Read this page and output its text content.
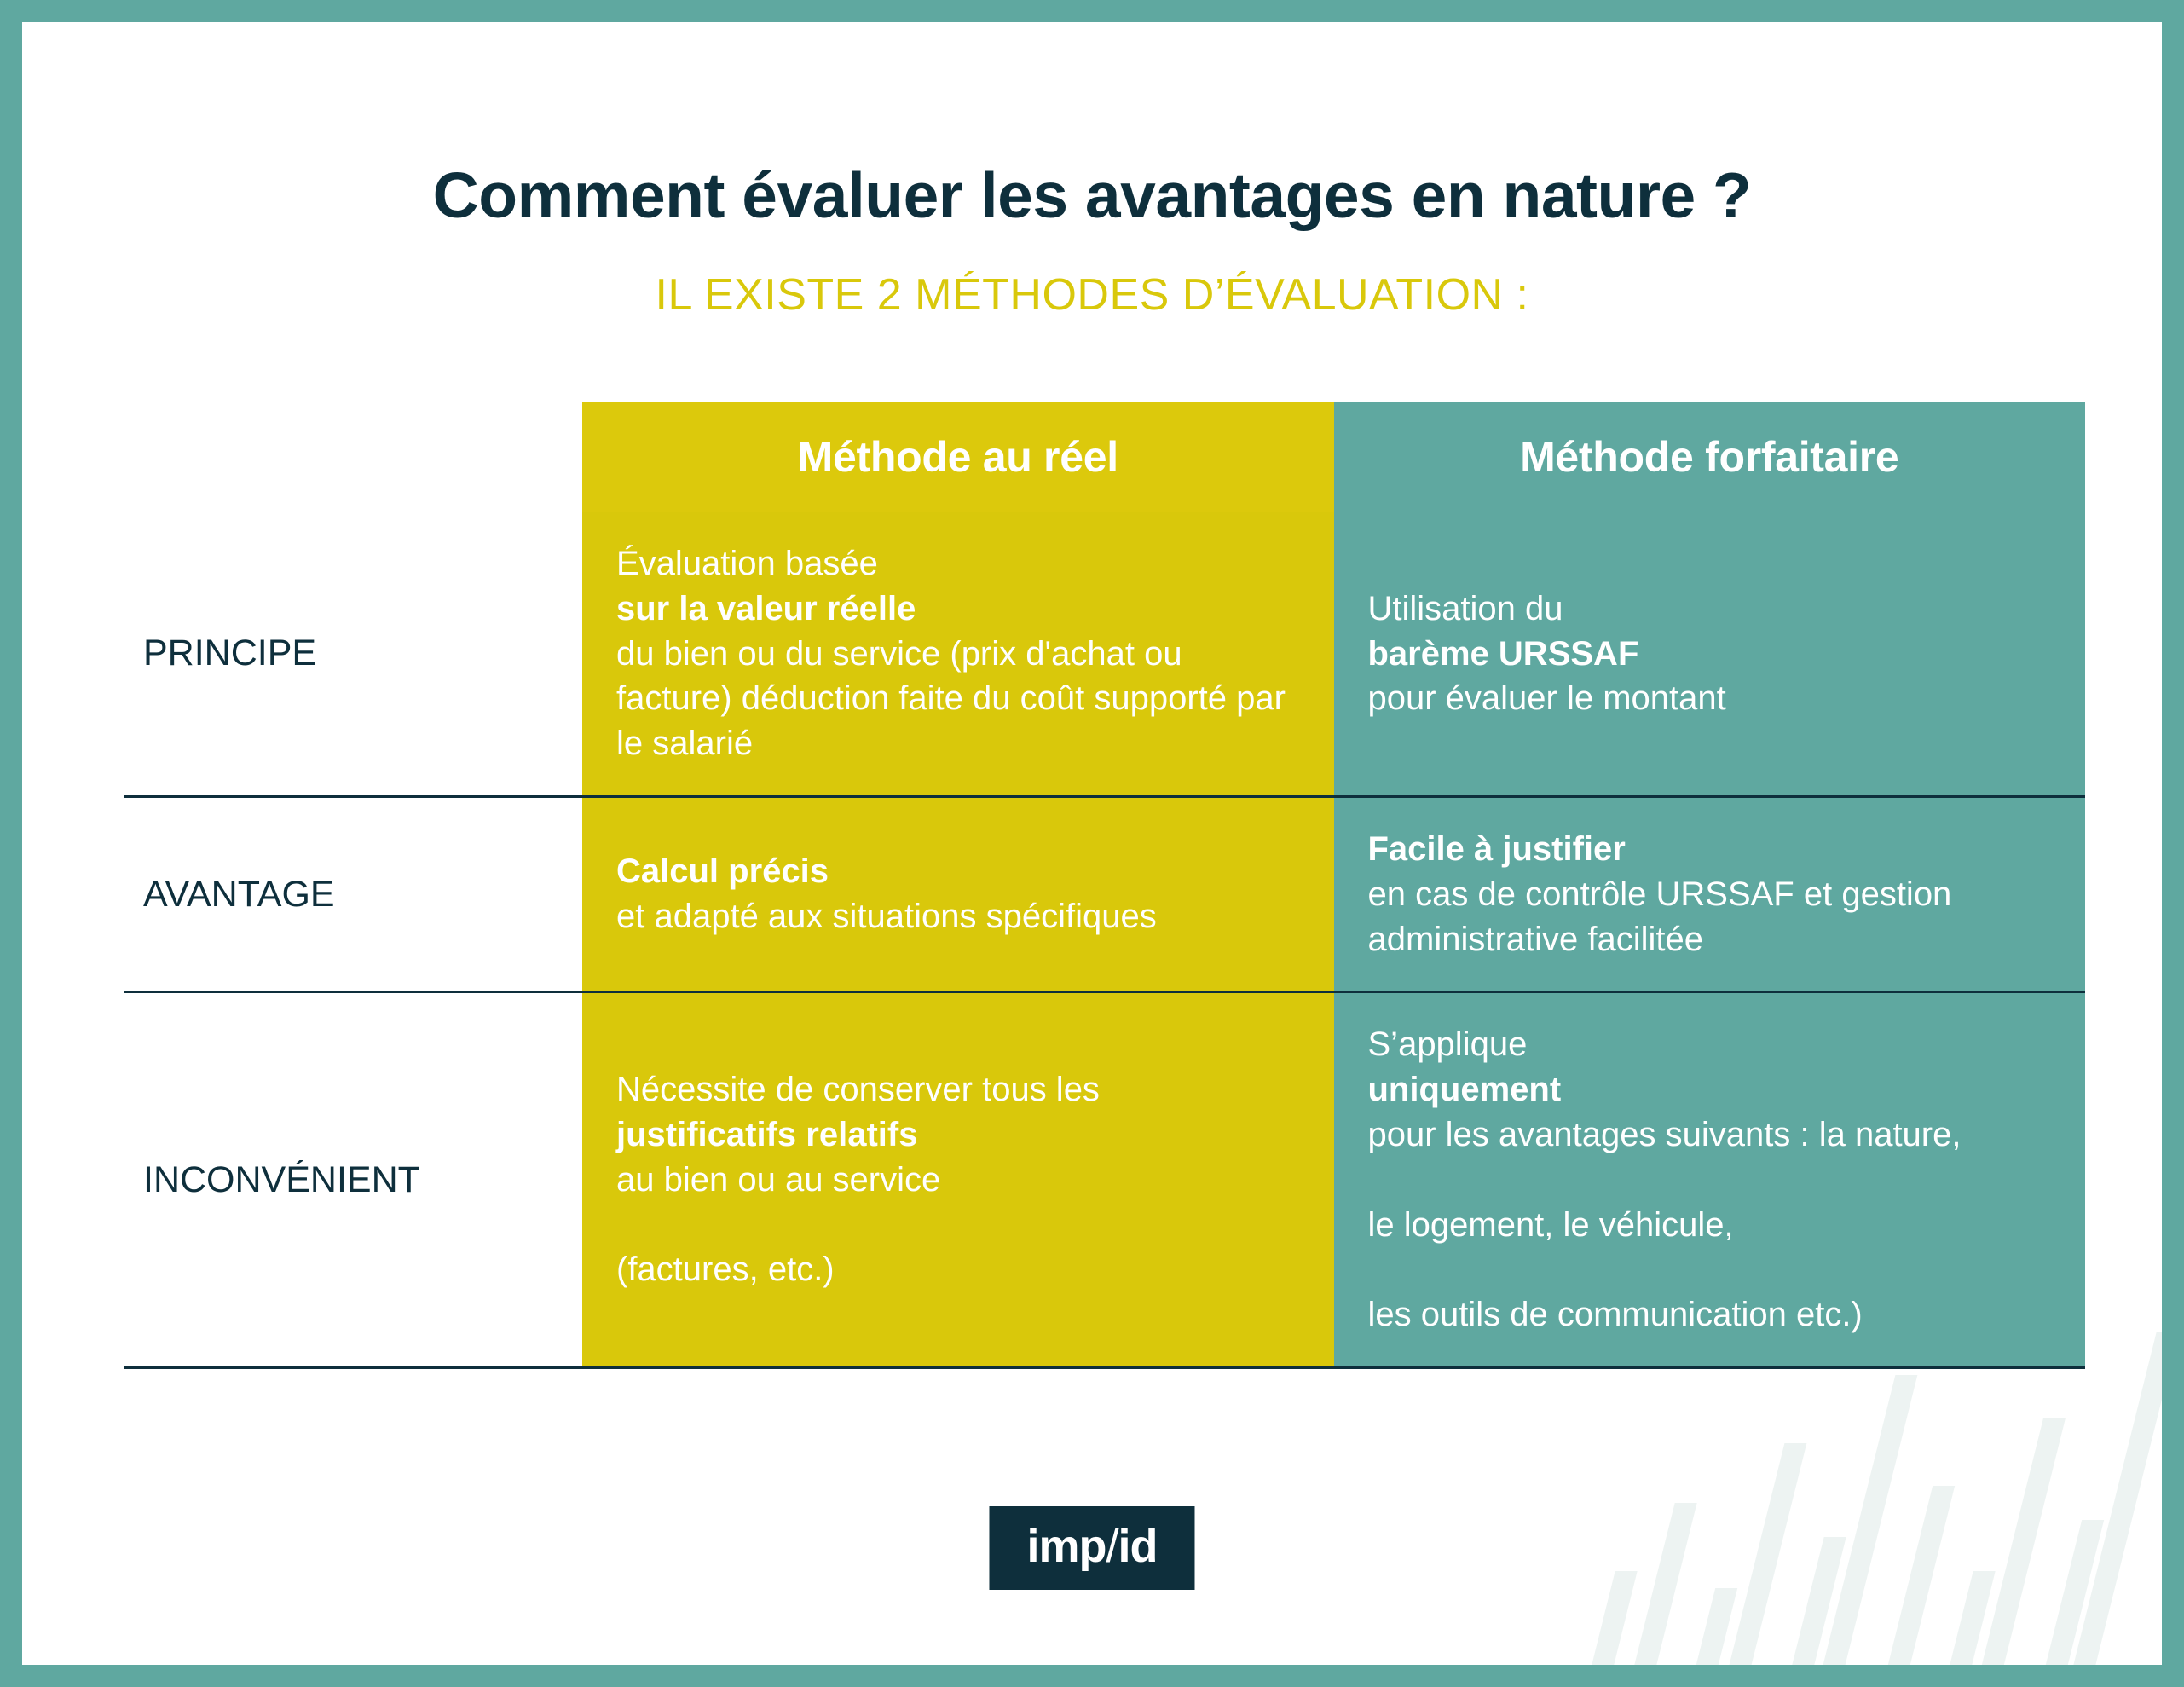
Comment évaluer les avantages en nature ?
IL EXISTE 2 MÉTHODES D’ÉVALUATION :
Méthode au réel	Méthode forfaitaire
PRINCIPE
Évaluation basée
sur la valeur réelle
du bien ou du service (prix d'achat ou facture) déduction faite du coût supporté par le salarié
Utilisation du
barème URSSAF
pour évaluer le montant
AVANTAGE
Calcul précis
et adapté aux situations spécifiques
Facile à justifier
en cas de contrôle URSSAF et gestion administrative facilitée
INCONVÉNIENT
Nécessite de conserver tous les
justificatifs relatifs
au bien ou au service

(factures, etc.)
S’applique
uniquement
pour les avantages suivants : la nature,

le logement, le véhicule,

les outils de communication etc.)
imp/id
